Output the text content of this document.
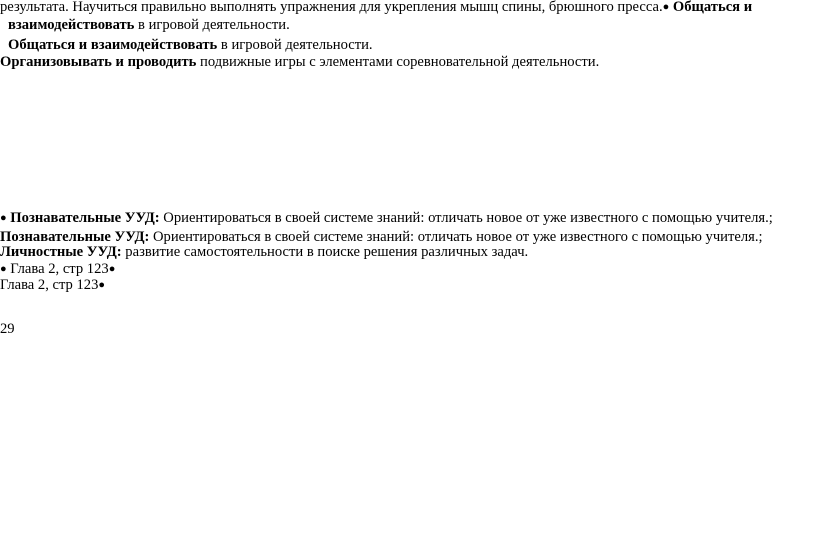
результата. Научиться правильно выполнять упражнения для укрепления мышц спины, брюшного пресса.● Общаться и
взаимодействовать в игровой деятельности.
Общаться и взаимодействовать в игровой деятельности.
Организовывать и проводить подвижные игры с элементами соревновательной деятельности.
● Познавательные УУД: Ориентироваться в своей системе знаний: отличать новое от уже известного с помощью учителя.;
Познавательные УУД: Ориентироваться в своей системе знаний: отличать новое от уже известного с помощью учителя.;
Личностные УУД: развитие самостоятельности в поиске решения различных задач.
● Глава 2, стр 123●
Глава 2, стр 123●
29
